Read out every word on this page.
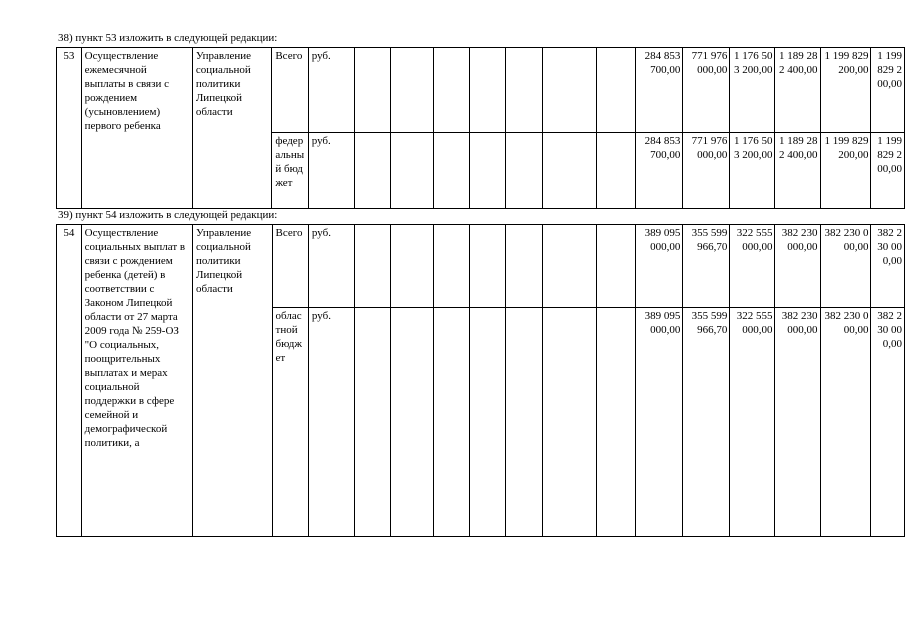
38) пункт 53 изложить в следующей редакции:
53	Осуществление ежемесячной выплаты в связи с рождением (усыновлением) первого ребенка	Управление социальной политики Липецкой области	Всего	руб.								284 853 700,00	771 976 000,00	1 176 503 200,00	1 189 282 400,00	1 199 829 200,00	1 199 829 200,00
			федеральный бюджет	руб.								284 853 700,00	771 976 000,00	1 176 503 200,00	1 189 282 400,00	1 199 829 200,00	1 199 829 200,00
39) пункт 54 изложить в следующей редакции:
54	Осуществление социальных выплат в связи с рождением ребенка (детей) в соответствии с Законом Липецкой области от 27 марта 2009 года № 259-ОЗ "О социальных, поощрительных выплатах и мерах социальной поддержки в сфере семейной и демографической политики, а	Управление социальной политики Липецкой области	Всего	руб.								389 095 000,00	355 599 966,70	322 555 000,00	382 230 000,00	382 230 000,00	382 230 000,00
			областной бюджет	руб.								389 095 000,00	355 599 966,70	322 555 000,00	382 230 000,00	382 230 000,00	382 230 000,00
